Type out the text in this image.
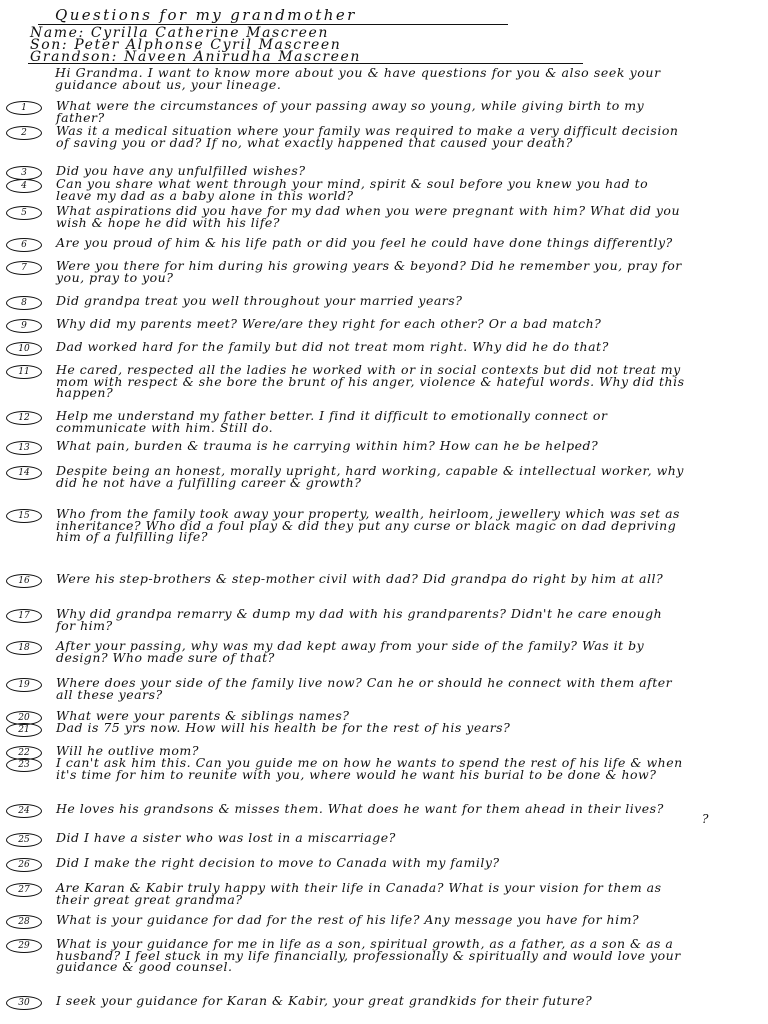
Questions for my grandmother
Name: Cyrilla Catherine Mascreen
Son: Peter Alphonse Cyril Mascreen
Grandson: Naveen Anirudha Mascreen
Hi Grandma. I want to know more about you & have questions for you & also seek your guidance about us, your lineage.
1	What were the circumstances of your passing away so young, while giving birth to my father?
2	Was it a medical situation where your family was required to make a very difficult decision of saving you or dad? If no, what exactly happened that caused your death?
3	Did you have any unfulfilled wishes?
4	Can you share what went through your mind, spirit & soul before you knew you had to leave my dad as a baby alone in this world?
5	What aspirations did you have for my dad when you were pregnant with him? What did you wish & hope he did with his life?
6	Are you proud of him & his life path or did you feel he could have done things differently?
7	Were you there for him during his growing years & beyond? Did he remember you, pray for you, pray to you?
8	Did grandpa treat you well throughout your married years?
9	Why did my parents meet? Were/are they right for each other? Or a bad match?
10	Dad worked hard for the family but did not treat mom right. Why did he do that?
11	He cared, respected all the ladies he worked with or in social contexts but did not treat my mom with respect & she bore the brunt of his anger, violence & hateful words. Why did this happen?
12	Help me understand my father better. I find it difficult to emotionally connect or communicate with him. Still do.
13	What pain, burden & trauma is he carrying within him? How can he be helped?
14	Despite being an honest, morally upright, hard working, capable & intellectual worker, why did he not have a fulfilling career & growth?
15	Who from the family took away your property, wealth, heirloom, jewellery which was set as inheritance? Who did a foul play & did they put any curse or black magic on dad depriving him of a fulfilling life?
16	Were his step-brothers & step-mother civil with dad? Did grandpa do right by him at all?
17	Why did grandpa remarry & dump my dad with his grandparents? Didn't he care enough for him?
18	After your passing, why was my dad kept away from your side of the family? Was it by design? Who made sure of that?
19	Where does your side of the family live now? Can he or should he connect with them after all these years?
20	What were your parents & siblings names?
21	Dad is 75 yrs now. How will his health be for the rest of his years?
22	Will he outlive mom?
23	I can't ask him this. Can you guide me on how he wants to spend the rest of his life & when it's time for him to reunite with you, where would he want his burial to be done & how?
24	He loves his grandsons & misses them. What does he want for them ahead in their lives?
25	Did I have a sister who was lost in a miscarriage?
26	Did I make the right decision to move to Canada with my family?
27	Are Karan & Kabir truly happy with their life in Canada? What is your vision for them as their great great grandma?
28	What is your guidance for dad for the rest of his life? Any message you have for him?
29	What is your guidance for me in life as a son, spiritual growth, as a father, as a son & as a husband? I feel stuck in my life financially, professionally & spiritually and would love your guidance & good counsel.
30	I seek your guidance for Karan & Kabir, your great grandkids for their future?
?
